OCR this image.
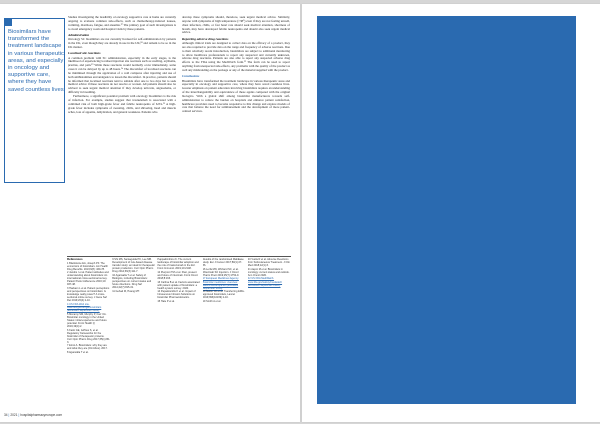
Biosimilars have transformed the treatment landscape in various therapeutic areas, and especially in oncology and supportive care, where they have saved countless lives

Studies investigating the feasibility of oncology supportive care at home are currently ongoing to evaluate common side-effects, such as chemotherapy-induced nausea, vomiting, diarrhoea, fatigue, and anaemia.¹⁷ The primary goal of such investigations is to avoid emergency room and hospital visits by these patients.

Administration

Oncology SC biosimilars are not currently licensed for self-administration by patients in the UK, even though they are already in use in the UK,¹⁸ and remain to be so in the UK market.

Localised site reactions

A common problem with SC administration, especially in the early stages, is the likelihood of experiencing localised injection site reactions such as swelling, erythema, pruritus, and pain.¹⁹ While these reactions would normally occur immediately, some cases it can be delayed by up to 48 hours.²⁰ The discomfort of localised reactions can be minimised through the application of a cold compress after injecting and use of both antihistamines and analgesics to lessen the discomfort. In practice, patients should be informed that localised reactions tend to subside after one to two days but to seek medical advice if these reactions do not resolve or worsen. All patients should also be advised to seek urgent medical attention if they develop urticaria, angioedema, or difficulty in breathing.

Furthermore, a significant potential problem with oncology biosimilars is the risk of infection. For example, studies suggest that trastuzumab is associated with a combined risk of both high-grade fever and febrile neutropenia of 6.9%.²¹ A high-grade fever includes symptoms of sweating, chills, and shivering, head and muscle aches, loss of appetite, dehydration, and general weakness. Patients who

develop these symptoms should, therefore, seek urgent medical advice. Similarly, anyone with symptoms of high temperature (>38°) even if they are not feeling unwell, chest infection, chills, or fast heart rate should seek medical attention, shortness of breath, may have developed febrile neutropenia and should also seek urgent medical advice.

Reporting adverse drug reactions

Although clinical trials are designed to collect data on the efficacy of a product, they are also required to provide data on the range and frequency of adverse reactions. Due to their relatively recent introduction, biosimilars are subject to additional monitoring to allow healthcare professionals to report any suspected and currently unknown, adverse drug reactions. Patients are also able to report any suspected adverse drug effects to the FDA using the MedWatch form.²² The form can be used to report anything from unexpected side-effects, any problems with the quality of the product as well any misbranding on the package or any of the material supplied with the product.

Conclusions

Biosimilars have transformed the treatment landscape in various therapeutic areas and especially in oncology and supportive care, where they have saved countless lives. Greater emphasis on patient education involving biosimilars requires an understanding of the interchangeability and equivalence of these agents compared with the original biologics. With a global shift among biosimilar manufacturers towards self-administration to reduce the burden on hospitals and enhance patient satisfaction, healthcare providers need to become responsive to this change and explore models of care that balance the need for reimbursement and the development of more patient-centred services.

References
1 Blackstone EA, Joseph PF. The economics of biosimilars. Am Health Drug Benefits. 2013;6(8): 469-78.
2 Jacobs I et al. Patient attitudes and understanding about biosimilars: An international cross-sectional survey. Patient Prefer Adherence 2016;10: 937-48.
3 Hackam L et al. Patient perceptions and perspectives on biosimilars: Is knowledge really power? A cross-sectional online survey. J Gene Saf Ret 2019;26(4):1-10.
4 US FDA Web site. www.fda.gov/drugs/biosimilars (accessed September 2020).
5 Mccamy SM, Murphy P, Carr CA. Biosimilar oncology in the United States: initial experience and future potential. Front Health Q 2019;19(4):2.
6 Karlo GE, Jeffries S, et al. Regulatory frameworks for the biosimilar of therapeutic proteins. Curr Opin Pharm Drug 2017;35(1):80-3.
7 Ernst A. Biosimilars: why they are and what they are (Omnibus). 2017.
8 Agarwalla T et al.
9 Shi MS, Santaguida PK, Lee MB. Development of rule-based disease transfer study: an ideal for therapeutic protein production. Curr Opin Pharm Drug 2014;36(3):111-7.
10 Agarwalla T et al. Safety of Biologics, including Biosimilars: perspectives on current status and future directions. Drug Saf 2014;42(7):815-31.
11 Gehad M, Hoang MT.
Pappadimitriou K. The current landscape of biosimilar adoption and the role of trastuzumab in the EU. Front Immunol. 2019;10:2148.
12 Pierpont TM et al. Past, present and future of rituximab. Front Oncol. 2018;8:163.
13 Carlina B et al. Factors associated with patient uptake of biosimilars: a health system survey. 2020.
14 Papadouridis K et al. Impact of Intravenous Infusion Solutions on biosimilar Pharmacokinetics.
15 Hale P et al.
Results of the randomised MabEase study. Eur J Cancer 2017;80(1):27-36.
16 Lerfa MN, Wichard SC, et al. Rituximab SC Injection. J Oncol Pharm Pract 2019;25(7):1752-9.
17 European Medicines Agency. Biosimilar medicines: overview. www.ema.europa.eu (accessed September 2020).
18 Mellor JD et al. Transferring EMA-approved biosimilars, Lancet 2019;393(10169):1-10.
19 Smith A et al.
20 Vuola R et al. Adverse Reactions from Subcutaneous Treatment. J Clin Med 2018;12(1):3.
21 Aapro M et al. Biosimilars in oncology: current status and outlook. Ann Oncol 2020.
22 US FDA MedWatch. www.fda.gov/safety/medwatch (accessed September 2020).
34|2021|hospitalpharmacyeurope.com
